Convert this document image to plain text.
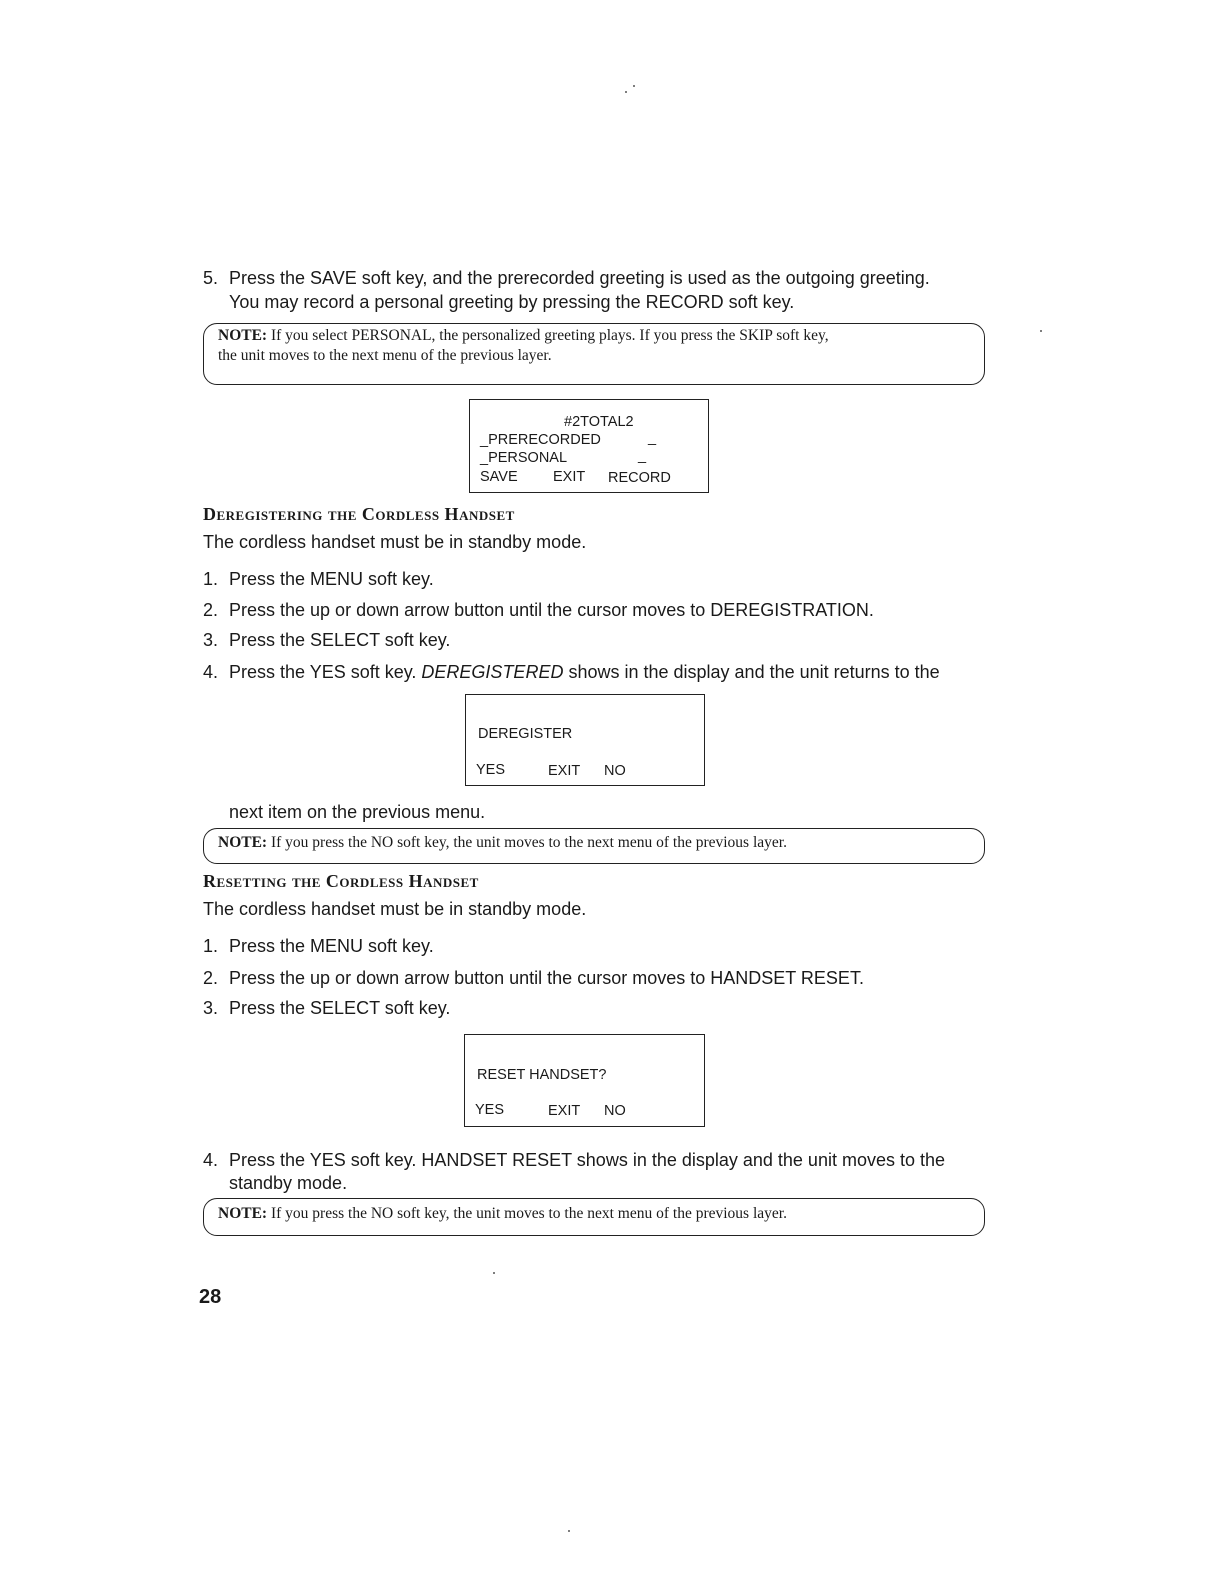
5. Press the SAVE soft key, and the prerecorded greeting is used as the outgoing greeting.
You may record a personal greeting by pressing the RECORD soft key.
NOTE: If you select PERSONAL, the personalized greeting plays. If you press the SKIP soft key,
the unit moves to the next menu of the previous layer.
#2TOTAL2
_PRERECORDED	_
_PERSONAL	_
SAVE EXIT RECORD
Deregistering the Cordless Handset
The cordless handset must be in standby mode.
1. Press the MENU soft key.
2. Press the up or down arrow button until the cursor moves to DEREGISTRATION.
3. Press the SELECT soft key.
4. Press the YES soft key. DEREGISTERED shows in the display and the unit returns to the
DEREGISTER
YES	EXIT NO
next item on the previous menu.
NOTE: If you press the NO soft key, the unit moves to the next menu of the previous layer.
Resetting the Cordless Handset
The cordless handset must be in standby mode.
1. Press the MENU soft key.
2. Press the up or down arrow button until the cursor moves to HANDSET RESET.
3. Press the SELECT soft key.
RESET HANDSET?
YES	EXIT NO
4. Press the YES soft key. HANDSET RESET shows in the display and the unit moves to the
standby mode.
NOTE: If you press the NO soft key, the unit moves to the next menu of the previous layer.
28
